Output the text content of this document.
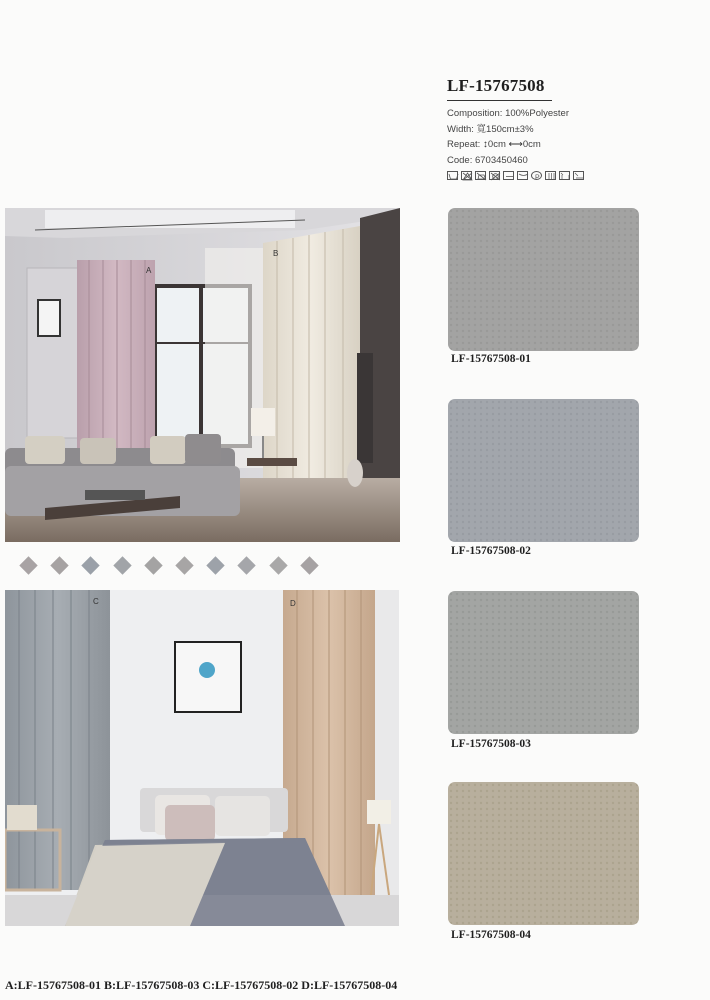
LF-15767508
Composition: 100%Polyester
Width: 寬150cm±3%
Repeat: ↕0cm ⟷0cm
Code: 6703450460
P
A
B
C	D
LF-15767508-01
LF-15767508-02
LF-15767508-03
LF-15767508-04
A:LF-15767508-01 B:LF-15767508-03 C:LF-15767508-02 D:LF-15767508-04
